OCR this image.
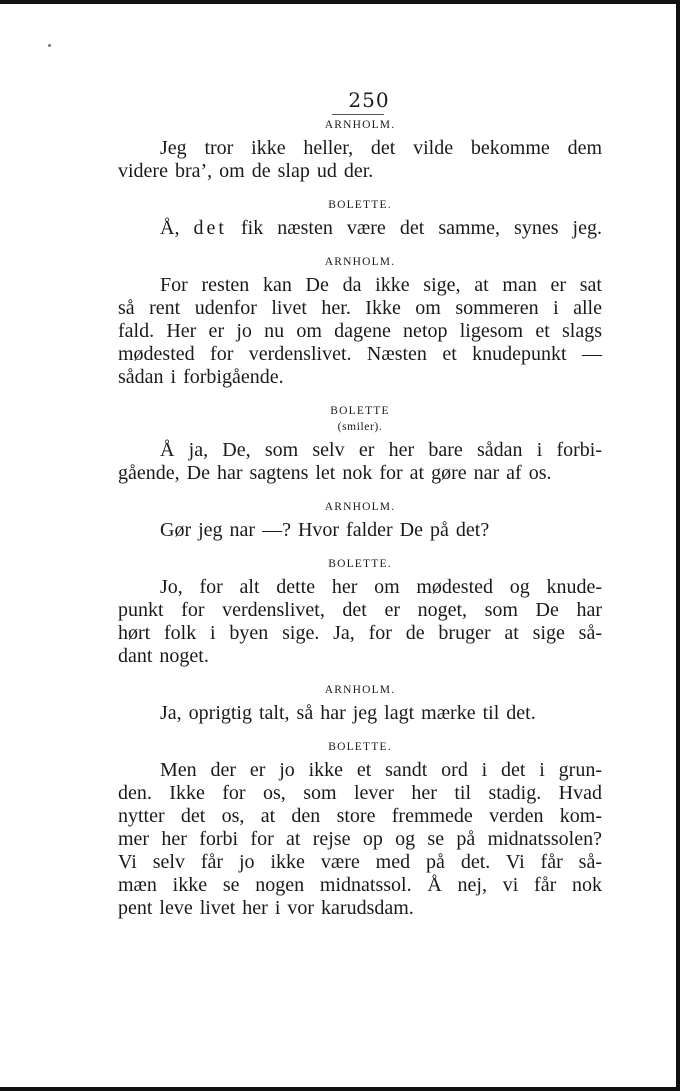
250
ARNHOLM.
Jeg tror ikke heller, det vilde bekomme dem
videre bra’, om de slap ud der.
BOLETTE.
Å, det fik næsten være det samme, synes jeg.
ARNHOLM.
For resten kan De da ikke sige, at man er sat
så rent udenfor livet her. Ikke om sommeren i alle
fald. Her er jo nu om dagene netop ligesom et slags
mødested for verdenslivet. Næsten et knudepunkt —
sådan i forbigående.
BOLETTE
(smiler).
Å ja, De, som selv er her bare sådan i forbi-
gående, De har sagtens let nok for at gøre nar af os.
ARNHOLM.
Gør jeg nar —? Hvor falder De på det?
BOLETTE.
Jo, for alt dette her om mødested og knude-
punkt for verdenslivet, det er noget, som De har
hørt folk i byen sige. Ja, for de bruger at sige så-
dant noget.
ARNHOLM.
Ja, oprigtig talt, så har jeg lagt mærke til det.
BOLETTE.
Men der er jo ikke et sandt ord i det i grun-
den. Ikke for os, som lever her til stadig. Hvad
nytter det os, at den store fremmede verden kom-
mer her forbi for at rejse op og se på midnatssolen?
Vi selv får jo ikke være med på det. Vi får så-
mæn ikke se nogen midnatssol. Å nej, vi får nok
pent leve livet her i vor karudsdam.
